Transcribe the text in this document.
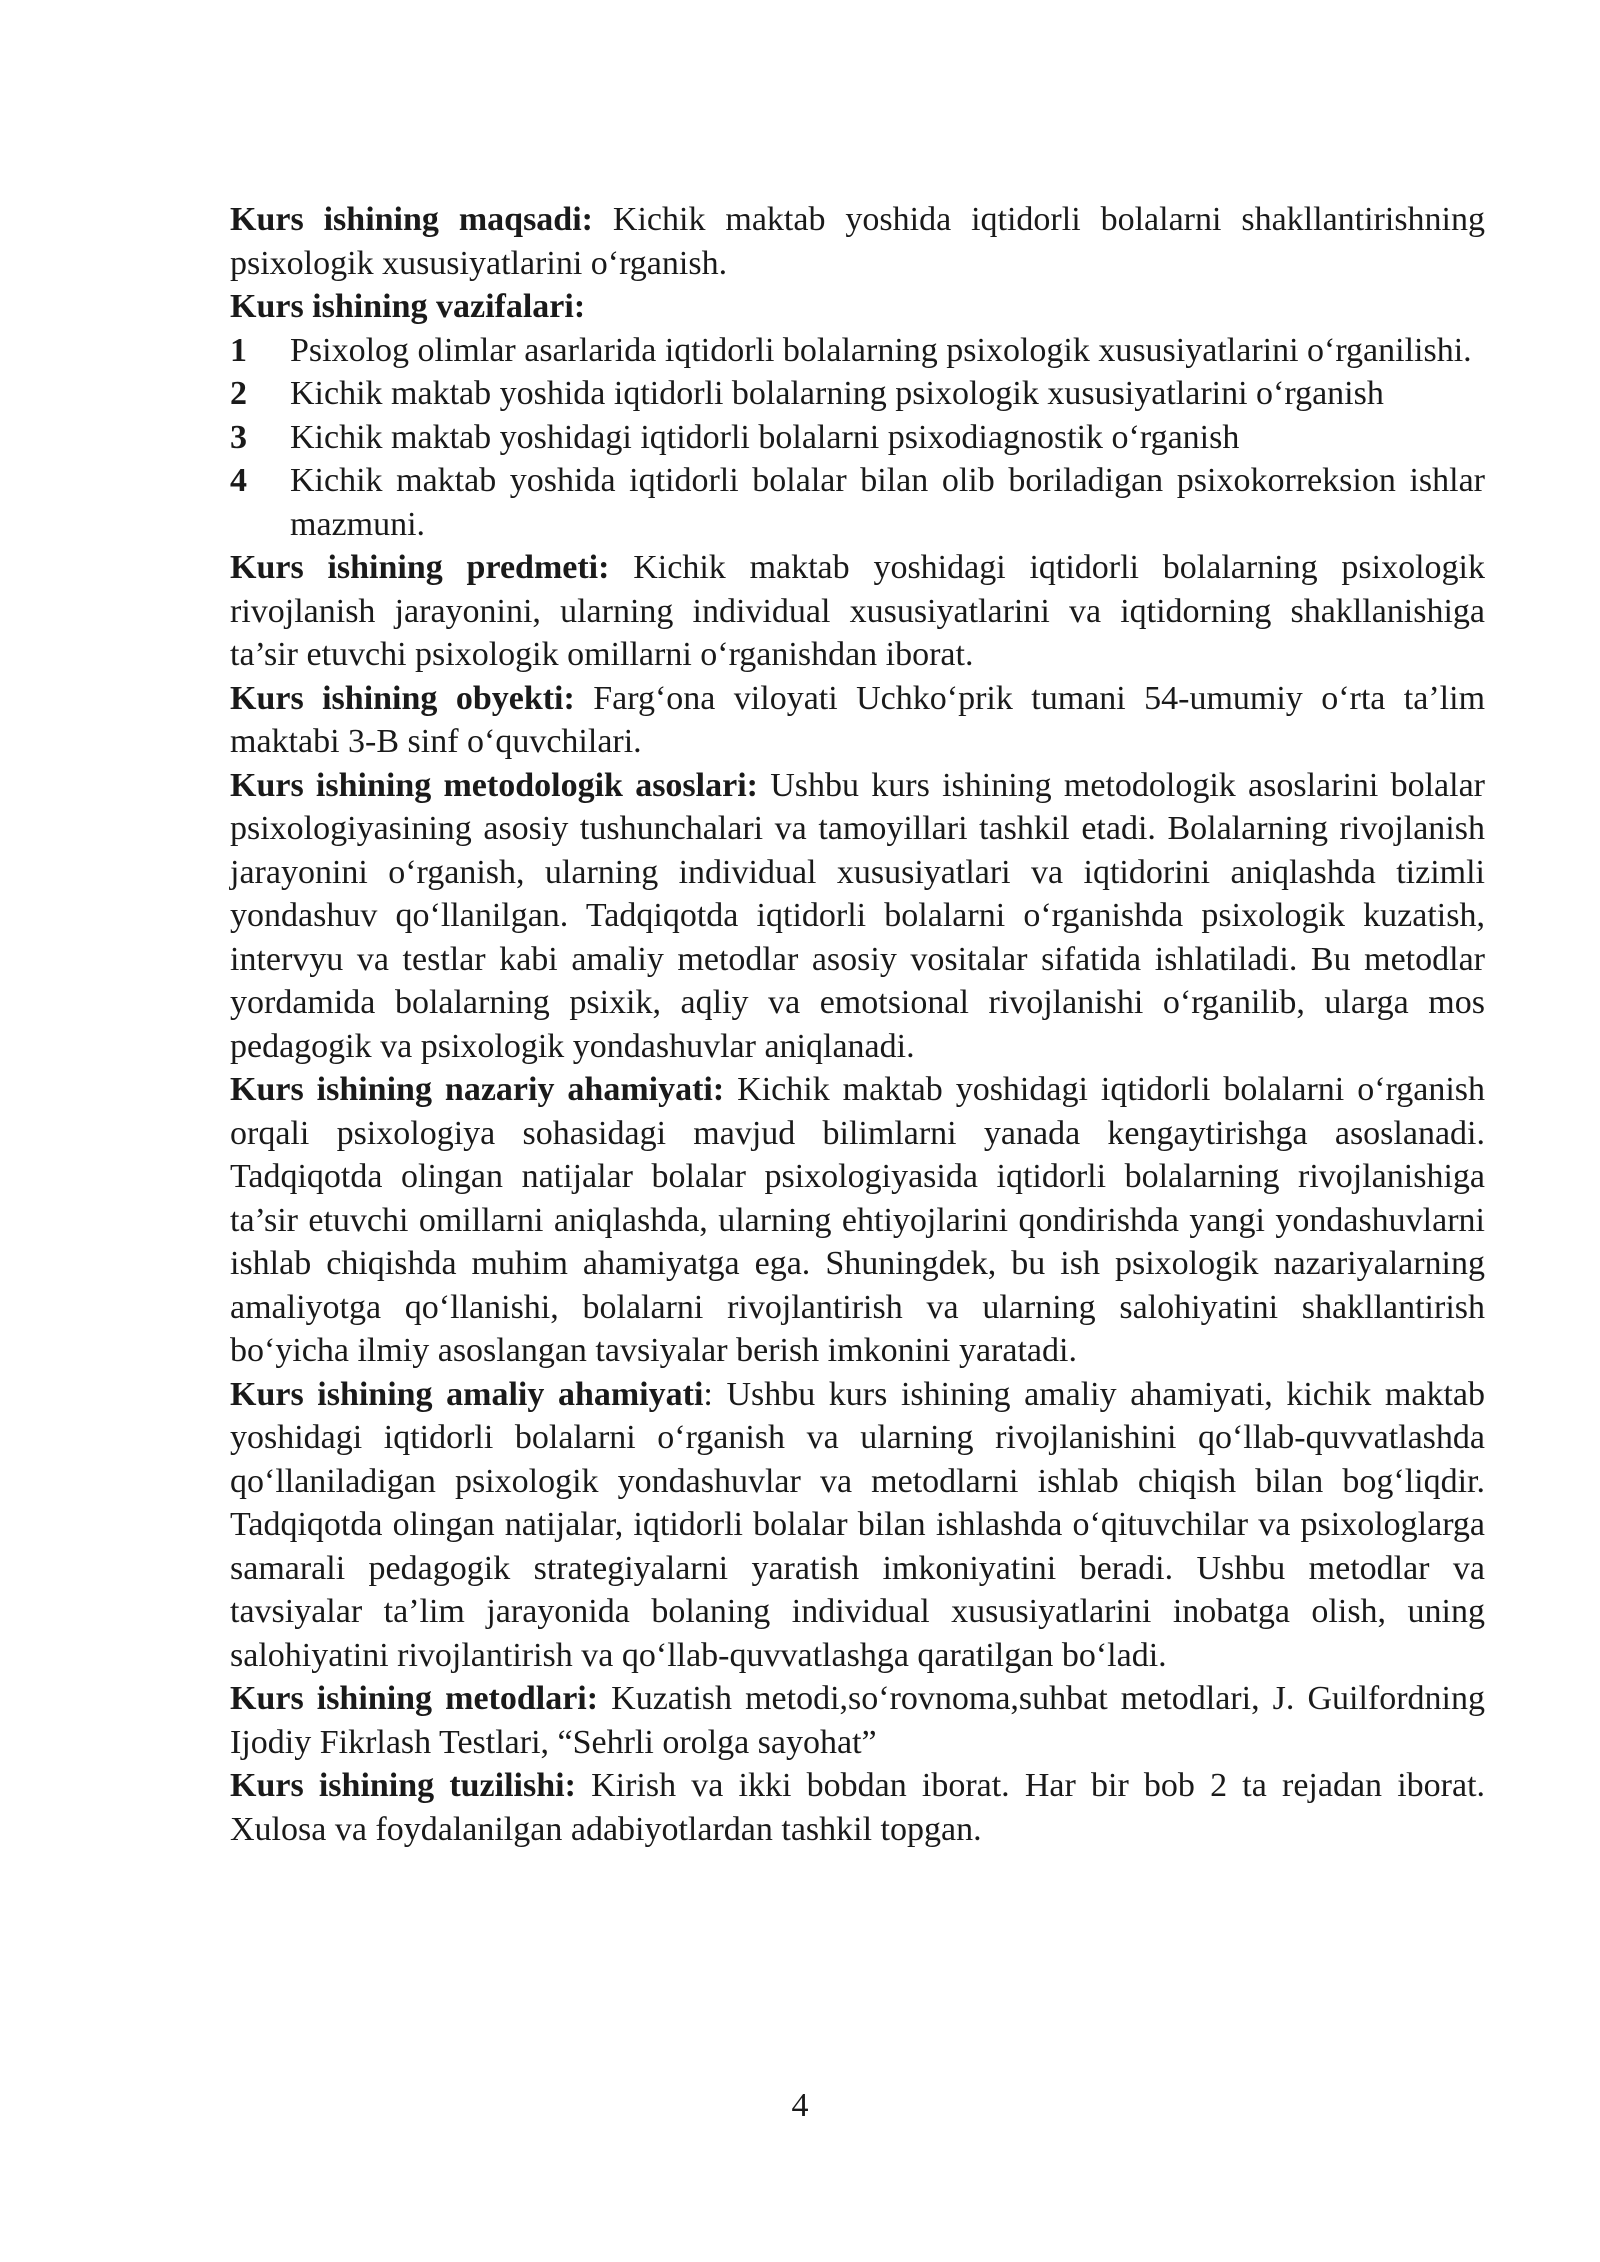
Kurs ishining maqsadi: Kichik maktab yoshida iqtidorli bolalarni shakllantirishning psixologik xususiyatlarini o‘rganish.

Kurs ishining vazifalari:

1	Psixolog olimlar asarlarida iqtidorli bolalarning psixologik xususiyatlarini o‘rganilishi.
2	Kichik maktab yoshida iqtidorli bolalarning psixologik xususiyatlarini o‘rganish
3	Kichik maktab yoshidagi iqtidorli bolalarni psixodiagnostik o‘rganish
4	Kichik maktab yoshida iqtidorli bolalar bilan olib boriladigan psixokorreksion ishlar mazmuni.

Kurs ishining predmeti: Kichik maktab yoshidagi iqtidorli bolalarning psixologik rivojlanish jarayonini, ularning individual xususiyatlarini va iqtidorning shakllanishiga ta’sir etuvchi psixologik omillarni o‘rganishdan iborat.

Kurs ishining obyekti: Farg‘ona viloyati Uchko‘prik tumani 54-umumiy o‘rta ta’lim maktabi 3-B sinf o‘quvchilari.

Kurs ishining metodologik asoslari: Ushbu kurs ishining metodologik asoslarini bolalar psixologiyasining asosiy tushunchalari va tamoyillari tashkil etadi. Bolalarning rivojlanish jarayonini o‘rganish, ularning individual xususiyatlari va iqtidorini aniqlashda tizimli yondashuv qo‘llanilgan. Tadqiqotda iqtidorli bolalarni o‘rganishda psixologik kuzatish, intervyu va testlar kabi amaliy metodlar asosiy vositalar sifatida ishlatiladi. Bu metodlar yordamida bolalarning psixik, aqliy va emotsional rivojlanishi o‘rganilib, ularga mos pedagogik va psixologik yondashuvlar aniqlanadi.

Kurs ishining nazariy ahamiyati: Kichik maktab yoshidagi iqtidorli bolalarni o‘rganish orqali psixologiya sohasidagi mavjud bilimlarni yanada kengaytirishga asoslanadi. Tadqiqotda olingan natijalar bolalar psixologiyasida iqtidorli bolalarning rivojlanishiga ta’sir etuvchi omillarni aniqlashda, ularning ehtiyojlarini qondirishda yangi yondashuvlarni ishlab chiqishda muhim ahamiyatga ega. Shuningdek, bu ish psixologik nazariyalarning amaliyotga qo‘llanishi, bolalarni rivojlantirish va ularning salohiyatini shakllantirish bo‘yicha ilmiy asoslangan tavsiyalar berish imkonini yaratadi.

Kurs ishining amaliy ahamiyati: Ushbu kurs ishining amaliy ahamiyati, kichik maktab yoshidagi iqtidorli bolalarni o‘rganish va ularning rivojlanishini qo‘llab-quvvatlashda qo‘llaniladigan psixologik yondashuvlar va metodlarni ishlab chiqish bilan bog‘liqdir. Tadqiqotda olingan natijalar, iqtidorli bolalar bilan ishlashda o‘qituvchilar va psixologlarga samarali pedagogik strategiyalarni yaratish imkoniyatini beradi. Ushbu metodlar va tavsiyalar ta’lim jarayonida bolaning individual xususiyatlarini inobatga olish, uning salohiyatini rivojlantirish va qo‘llab-quvvatlashga qaratilgan bo‘ladi.

Kurs ishining metodlari: Kuzatish metodi,so‘rovnoma,suhbat metodlari, J. Guilfordning Ijodiy Fikrlash Testlari, “Sehrli orolga sayohat”

Kurs ishining tuzilishi: Kirish va ikki bobdan iborat. Har bir bob 2 ta rejadan iborat. Xulosa va foydalanilgan adabiyotlardan tashkil topgan.

4
